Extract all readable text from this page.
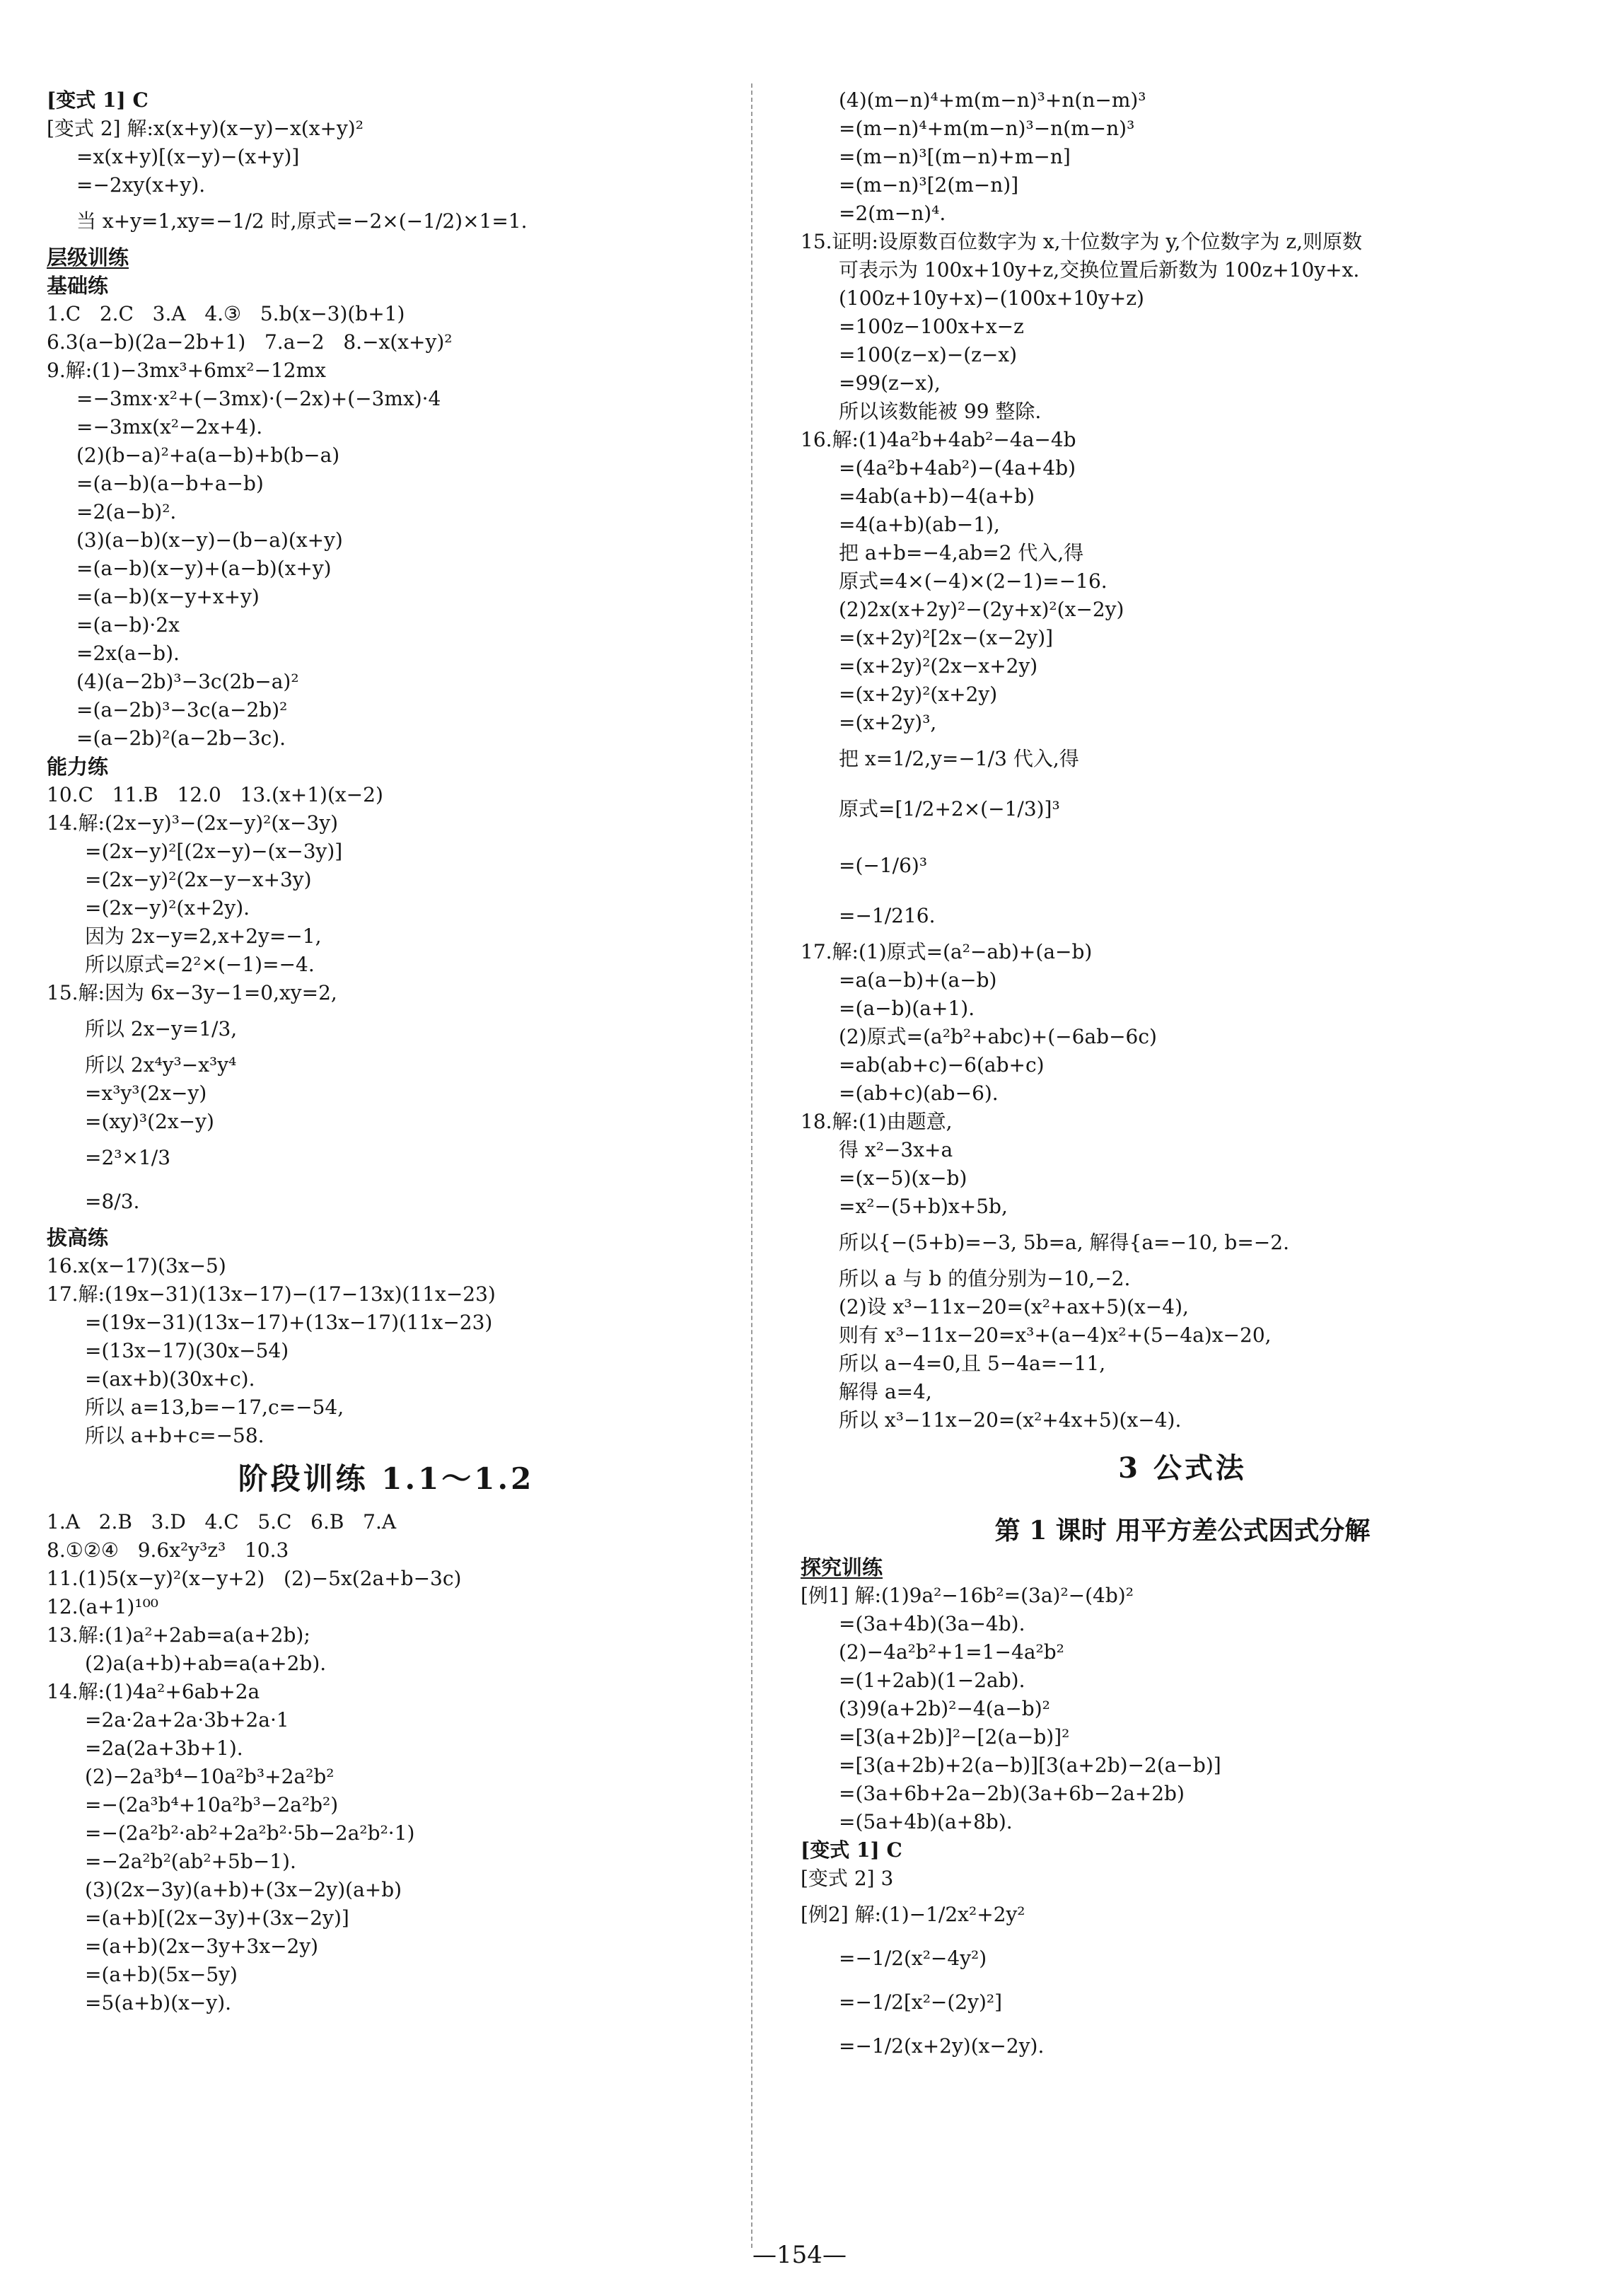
[变式 1] C
[变式 2] 解:x(x+y)(x−y)−x(x+y)²
=x(x+y)[(x−y)−(x+y)]
=−2xy(x+y).
当 x+y=1,xy=−1/2 时,原式=−2×(−1/2)×1=1.
层级训练
基础练
1.C   2.C   3.A   4.③   5.b(x−3)(b+1)
6.3(a−b)(2a−2b+1)   7.a−2   8.−x(x+y)²
9.解:(1)−3mx³+6mx²−12mx
=−3mx·x²+(−3mx)·(−2x)+(−3mx)·4
=−3mx(x²−2x+4).
(2)(b−a)²+a(a−b)+b(b−a)
=(a−b)(a−b+a−b)
=2(a−b)².
(3)(a−b)(x−y)−(b−a)(x+y)
=(a−b)(x−y)+(a−b)(x+y)
=(a−b)(x−y+x+y)
=(a−b)·2x
=2x(a−b).
(4)(a−2b)³−3c(2b−a)²
=(a−2b)³−3c(a−2b)²
=(a−2b)²(a−2b−3c).
能力练
10.C   11.B   12.0   13.(x+1)(x−2)
14.解:(2x−y)³−(2x−y)²(x−3y)
=(2x−y)²[(2x−y)−(x−3y)]
=(2x−y)²(2x−y−x+3y)
=(2x−y)²(x+2y).
因为 2x−y=2,x+2y=−1,
所以原式=2²×(−1)=−4.
15.解:因为 6x−3y−1=0,xy=2,
所以 2x−y=1/3,
所以 2x⁴y³−x³y⁴
=x³y³(2x−y)
=(xy)³(2x−y)
=2³×1/3
=8/3.
拔高练
16.x(x−17)(3x−5)
17.解:(19x−31)(13x−17)−(17−13x)(11x−23)
=(19x−31)(13x−17)+(13x−17)(11x−23)
=(13x−17)(30x−54)
=(ax+b)(30x+c).
所以 a=13,b=−17,c=−54,
所以 a+b+c=−58.
阶段训练 1.1～1.2
1.A   2.B   3.D   4.C   5.C   6.B   7.A
8.①②④   9.6x²y³z³   10.3
11.(1)5(x−y)²(x−y+2)   (2)−5x(2a+b−3c)
12.(a+1)¹⁰⁰
13.解:(1)a²+2ab=a(a+2b);
(2)a(a+b)+ab=a(a+2b).
14.解:(1)4a²+6ab+2a
=2a·2a+2a·3b+2a·1
=2a(2a+3b+1).
(2)−2a³b⁴−10a²b³+2a²b²
=−(2a³b⁴+10a²b³−2a²b²)
=−(2a²b²·ab²+2a²b²·5b−2a²b²·1)
=−2a²b²(ab²+5b−1).
(3)(2x−3y)(a+b)+(3x−2y)(a+b)
=(a+b)[(2x−3y)+(3x−2y)]
=(a+b)(2x−3y+3x−2y)
=(a+b)(5x−5y)
=5(a+b)(x−y).
(4)(m−n)⁴+m(m−n)³+n(n−m)³
=(m−n)⁴+m(m−n)³−n(m−n)³
=(m−n)³[(m−n)+m−n]
=(m−n)³[2(m−n)]
=2(m−n)⁴.
15.证明:设原数百位数字为 x,十位数字为 y,个位数字为 z,则原数
可表示为 100x+10y+z,交换位置后新数为 100z+10y+x.
(100z+10y+x)−(100x+10y+z)
=100z−100x+x−z
=100(z−x)−(z−x)
=99(z−x),
所以该数能被 99 整除.
16.解:(1)4a²b+4ab²−4a−4b
=(4a²b+4ab²)−(4a+4b)
=4ab(a+b)−4(a+b)
=4(a+b)(ab−1),
把 a+b=−4,ab=2 代入,得
原式=4×(−4)×(2−1)=−16.
(2)2x(x+2y)²−(2y+x)²(x−2y)
=(x+2y)²[2x−(x−2y)]
=(x+2y)²(2x−x+2y)
=(x+2y)²(x+2y)
=(x+2y)³,
把 x=1/2,y=−1/3 代入,得
原式=[1/2+2×(−1/3)]³
=(−1/6)³
=−1/216.
17.解:(1)原式=(a²−ab)+(a−b)
=a(a−b)+(a−b)
=(a−b)(a+1).
(2)原式=(a²b²+abc)+(−6ab−6c)
=ab(ab+c)−6(ab+c)
=(ab+c)(ab−6).
18.解:(1)由题意,
得 x²−3x+a
=(x−5)(x−b)
=x²−(5+b)x+5b,
所以{−(5+b)=−3, 5b=a, 解得{a=−10, b=−2.
所以 a 与 b 的值分别为−10,−2.
(2)设 x³−11x−20=(x²+ax+5)(x−4),
则有 x³−11x−20=x³+(a−4)x²+(5−4a)x−20,
所以 a−4=0,且 5−4a=−11,
解得 a=4,
所以 x³−11x−20=(x²+4x+5)(x−4).
3 公式法
第 1 课时 用平方差公式因式分解
探究训练
[例1] 解:(1)9a²−16b²=(3a)²−(4b)²
=(3a+4b)(3a−4b).
(2)−4a²b²+1=1−4a²b²
=(1+2ab)(1−2ab).
(3)9(a+2b)²−4(a−b)²
=[3(a+2b)]²−[2(a−b)]²
=[3(a+2b)+2(a−b)][3(a+2b)−2(a−b)]
=(3a+6b+2a−2b)(3a+6b−2a+2b)
=(5a+4b)(a+8b).
[变式 1] C
[变式 2] 3
[例2] 解:(1)−1/2x²+2y²
=−1/2(x²−4y²)
=−1/2[x²−(2y)²]
=−1/2(x+2y)(x−2y).
—154—
